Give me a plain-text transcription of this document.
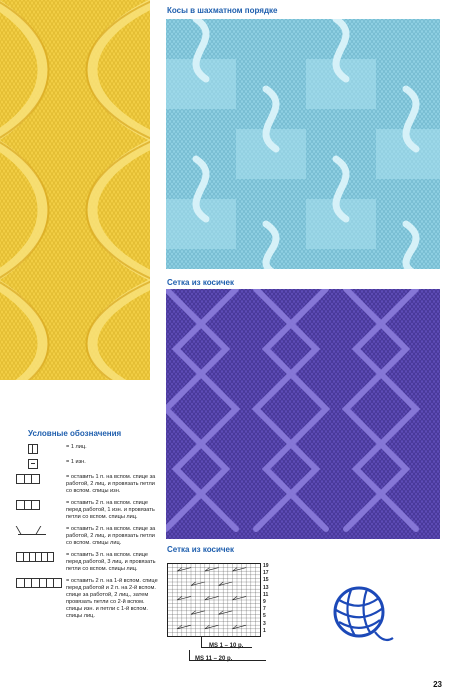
Косы в шахматном порядке
Сетка из косичек
Сетка из косичек
Условные обозначения
= 1 лиц.
= 1 изн.
= оставить 1 п. на вспом. спице за работой, 2 лиц. и провязать петли со вспом. спицы изн.
= оставить 2 п. на вспом. спице перед работой, 1 изн. и провязать петли со вспом. спицы лиц.
= оставить 2 п. на вспом. спице за работой, 2 лиц. и провязать петли со вспом. спицы лиц.
= оставить 3 п. на вспом. спице перед работой, 3 лиц. и провязать петли со вспом. спицы лиц.
= оставить 2 п. на 1-й вспом. спице перед работой и 2 п. на 2-й вспом. спице за работой, 2 лиц., затем провязать петли со 2-й вспом. спицы изн. и петли с 1-й вспом. спицы лиц.
19
17
15
13
11
9
7
5
3
1
MS 1 – 10 р.
MS 11 – 20 р.
23
